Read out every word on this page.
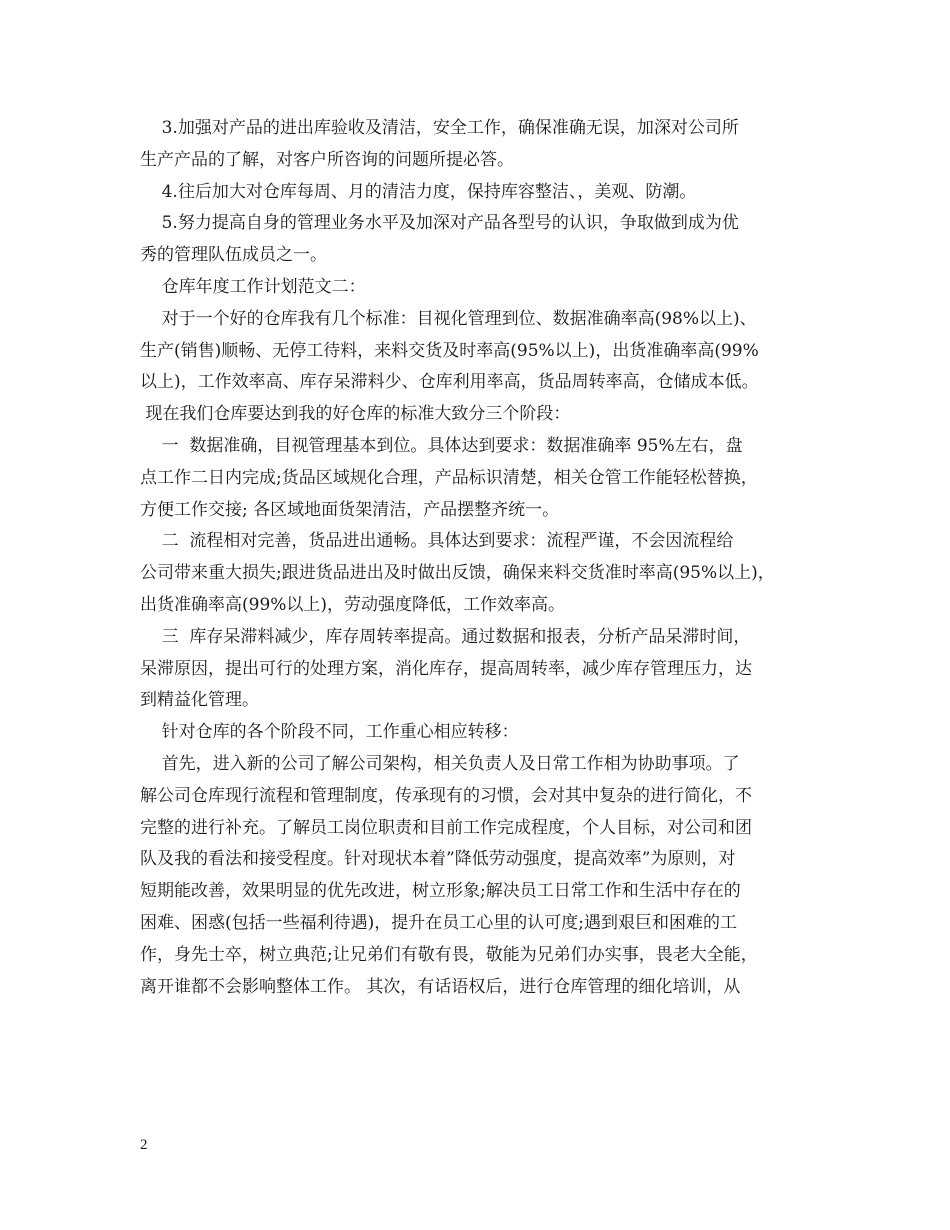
3.加强对产品的进出库验收及清洁，安全工作，确保准确无误，加深对公司所
生产产品的了解，对客户所咨询的问题所提必答。
4.往后加大对仓库每周、月的清洁力度，保持库容整洁、，美观、防潮。
5.努力提高自身的管理业务水平及加深对产品各型号的认识，争取做到成为优
秀的管理队伍成员之一。
仓库年度工作计划范文二：
对于一个好的仓库我有几个标准：目视化管理到位、数据准确率高(98%以上)、
生产(销售)顺畅、无停工待料，来料交货及时率高(95%以上)，出货准确率高(99%
以上)，工作效率高、库存呆滞料少、仓库利用率高，货品周转率高，仓储成本低。
现在我们仓库要达到我的好仓库的标准大致分三个阶段：
一  数据准确，目视管理基本到位。具体达到要求：数据准确率 95%左右，盘
点工作二日内完成;货品区域规化合理，产品标识清楚，相关仓管工作能轻松替换，
方便工作交接; 各区域地面货架清洁，产品摆整齐统一。
二  流程相对完善，货品进出通畅。具体达到要求：流程严谨，不会因流程给
公司带来重大损失;跟进货品进出及时做出反馈，确保来料交货准时率高(95%以上)，
出货准确率高(99%以上)，劳动强度降低，工作效率高。
三  库存呆滞料减少，库存周转率提高。通过数据和报表，分析产品呆滞时间，
呆滞原因，提出可行的处理方案，消化库存，提高周转率，减少库存管理压力，达
到精益化管理。
针对仓库的各个阶段不同，工作重心相应转移：
首先，进入新的公司了解公司架构，相关负责人及日常工作相为协助事项。了
解公司仓库现行流程和管理制度，传承现有的习惯，会对其中复杂的进行简化，不
完整的进行补充。了解员工岗位职责和目前工作完成程度，个人目标，对公司和团
队及我的看法和接受程度。针对现状本着”降低劳动强度，提高效率”为原则，对
短期能改善，效果明显的优先改进，树立形象;解决员工日常工作和生活中存在的
困难、困惑(包括一些福利待遇)，提升在员工心里的认可度;遇到艰巨和困难的工
作，身先士卒，树立典范;让兄弟们有敬有畏，敬能为兄弟们办实事，畏老大全能，
离开谁都不会影响整体工作。 其次，有话语权后，进行仓库管理的细化培训，从
2
